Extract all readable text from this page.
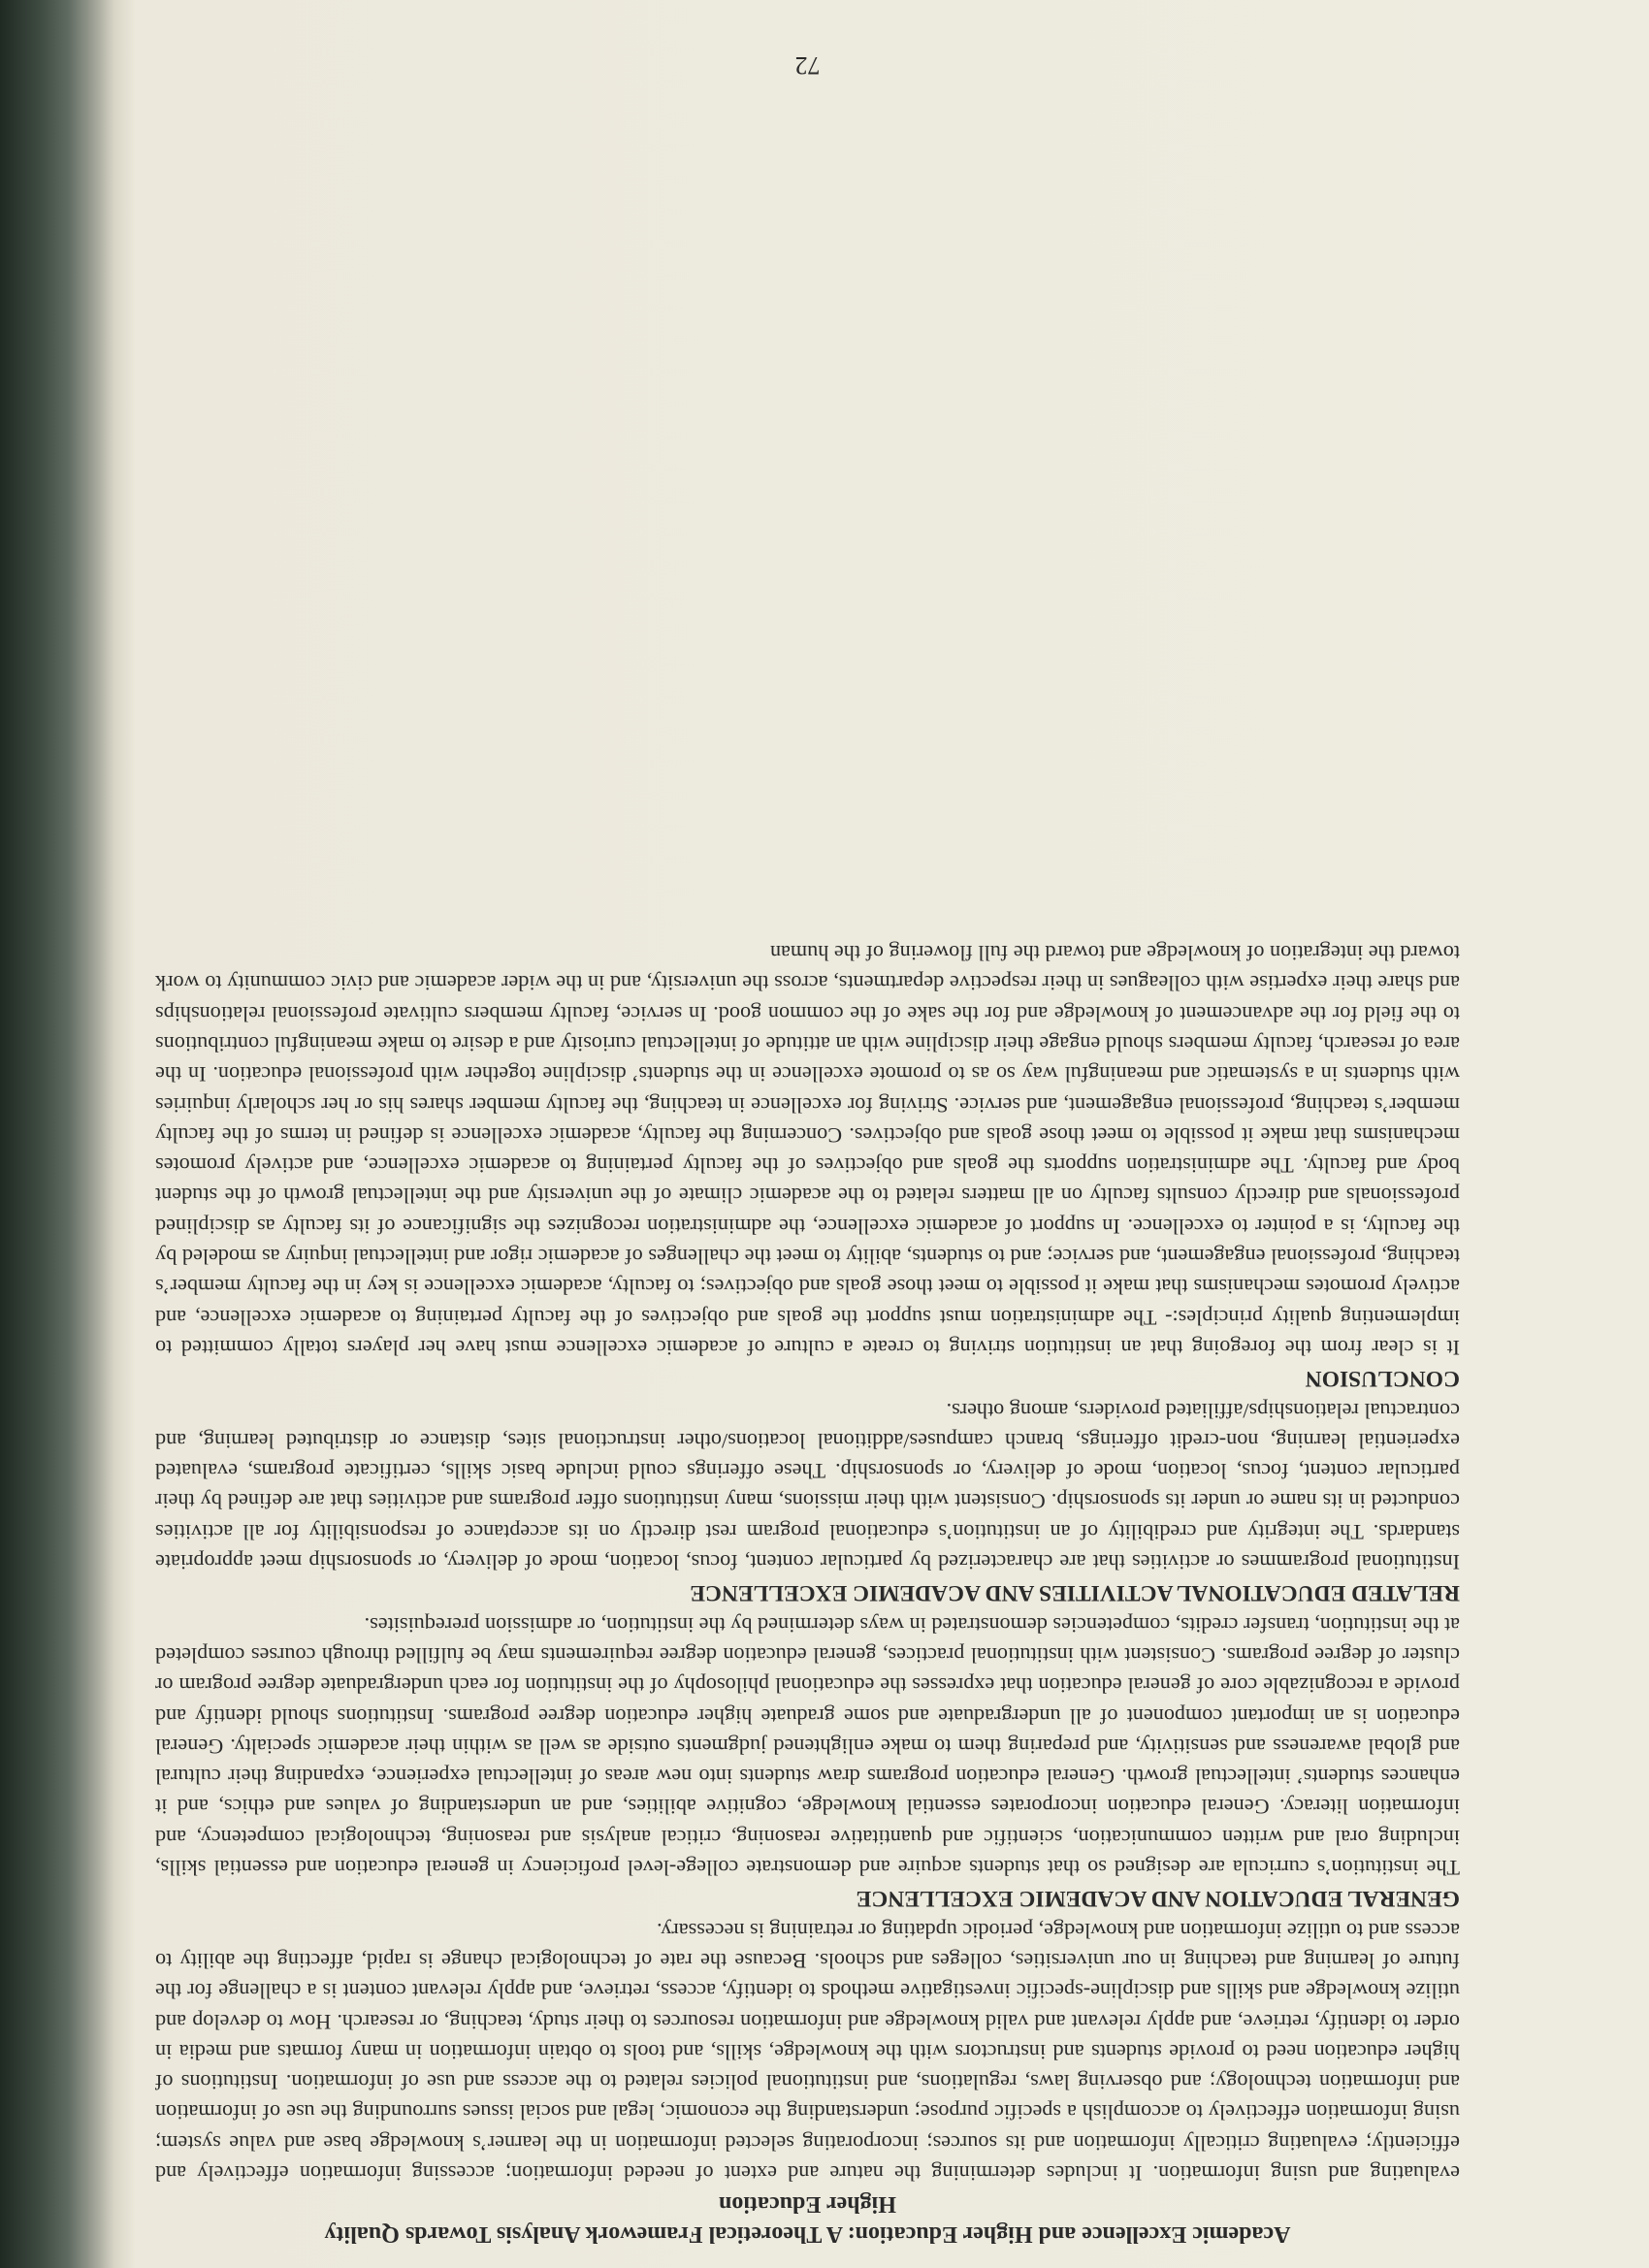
Academic Excellence and Higher Education: A Theoretical Framework Analysis Towards Quality
Higher Education

evaluating and using information. It includes determining the nature and extent of needed information; accessing information effectively and efficiently; evaluating critically information and its sources; incorporating selected information in the learner’s knowledge base and value system; using information effectively to accomplish a specific purpose; understanding the economic, legal and social issues surrounding the use of information and information technology; and observing laws, regulations, and institutional policies related to the access and use of information. Institutions of higher education need to provide students and instructors with the knowledge, skills, and tools to obtain information in many formats and media in order to identify, retrieve, and apply relevant and valid knowledge and information resources to their study, teaching, or research. How to develop and utilize knowledge and skills and discipline-specific investigative methods to identify, access, retrieve, and apply relevant content is a challenge for the future of learning and teaching in our universities, colleges and schools. Because the rate of technological change is rapid, affecting the ability to access and to utilize information and knowledge, periodic updating or retraining is necessary.

GENERAL EDUCATION AND ACADEMIC EXCELLENCE

The institution’s curricula are designed so that students acquire and demonstrate college-level proficiency in general education and essential skills, including oral and written communication, scientific and quantitative reasoning, critical analysis and reasoning, technological competency, and information literacy. General education incorporates essential knowledge, cognitive abilities, and an understanding of values and ethics, and it enhances students’ intellectual growth. General education programs draw students into new areas of intellectual experience, expanding their cultural and global awareness and sensitivity, and preparing them to make enlightened judgments outside as well as within their academic specialty. General education is an important component of all undergraduate and some graduate higher education degree programs. Institutions should identify and provide a recognizable core of general education that expresses the educational philosophy of the institution for each undergraduate degree program or cluster of degree programs. Consistent with institutional practices, general education degree requirements may be fulfilled through courses completed at the institution, transfer credits, competencies demonstrated in ways determined by the institution, or admission prerequisites.

RELATED EDUCATIONAL ACTIVITIES AND ACADEMIC EXCELLENCE

Institutional programmes or activities that are characterized by particular content, focus, location, mode of delivery, or sponsorship meet appropriate standards. The integrity and credibility of an institution’s educational program rest directly on its acceptance of responsibility for all activities conducted in its name or under its sponsorship. Consistent with their missions, many institutions offer programs and activities that are defined by their particular content, focus, location, mode of delivery, or sponsorship. These offerings could include basic skills, certificate programs, evaluated experiential learning, non-credit offerings, branch campuses/additional locations/other instructional sites, distance or distributed learning, and contractual relationships/affiliated providers, among others.

CONCLUSION

It is clear from the foregoing that an institution striving to create a culture of academic excellence must have her players totally committed to implementing quality principles:- The administration must support the goals and objectives of the faculty pertaining to academic excellence, and actively promotes mechanisms that make it possible to meet those goals and objectives; to faculty, academic excellence is key in the faculty member’s teaching, professional engagement, and service; and to students, ability to meet the challenges of academic rigor and intellectual inquiry as modeled by the faculty, is a pointer to excellence. In support of academic excellence, the administration recognizes the significance of its faculty as disciplined professionals and directly consults faculty on all matters related to the academic climate of the university and the intellectual growth of the student body and faculty. The administration supports the goals and objectives of the faculty pertaining to academic excellence, and actively promotes mechanisms that make it possible to meet those goals and objectives. Concerning the faculty, academic excellence is defined in terms of the faculty member’s teaching, professional engagement, and service. Striving for excellence in teaching, the faculty member shares his or her scholarly inquiries with students in a systematic and meaningful way so as to promote excellence in the students’ discipline together with professional education. In the area of research, faculty members should engage their discipline with an attitude of intellectual curiosity and a desire to make meaningful contributions to the field for the advancement of knowledge and for the sake of the common good. In service, faculty members cultivate professional relationships and share their expertise with colleagues in their respective departments, across the university, and in the wider academic and civic community to work toward the integration of knowledge and toward the full flowering of the human

72
